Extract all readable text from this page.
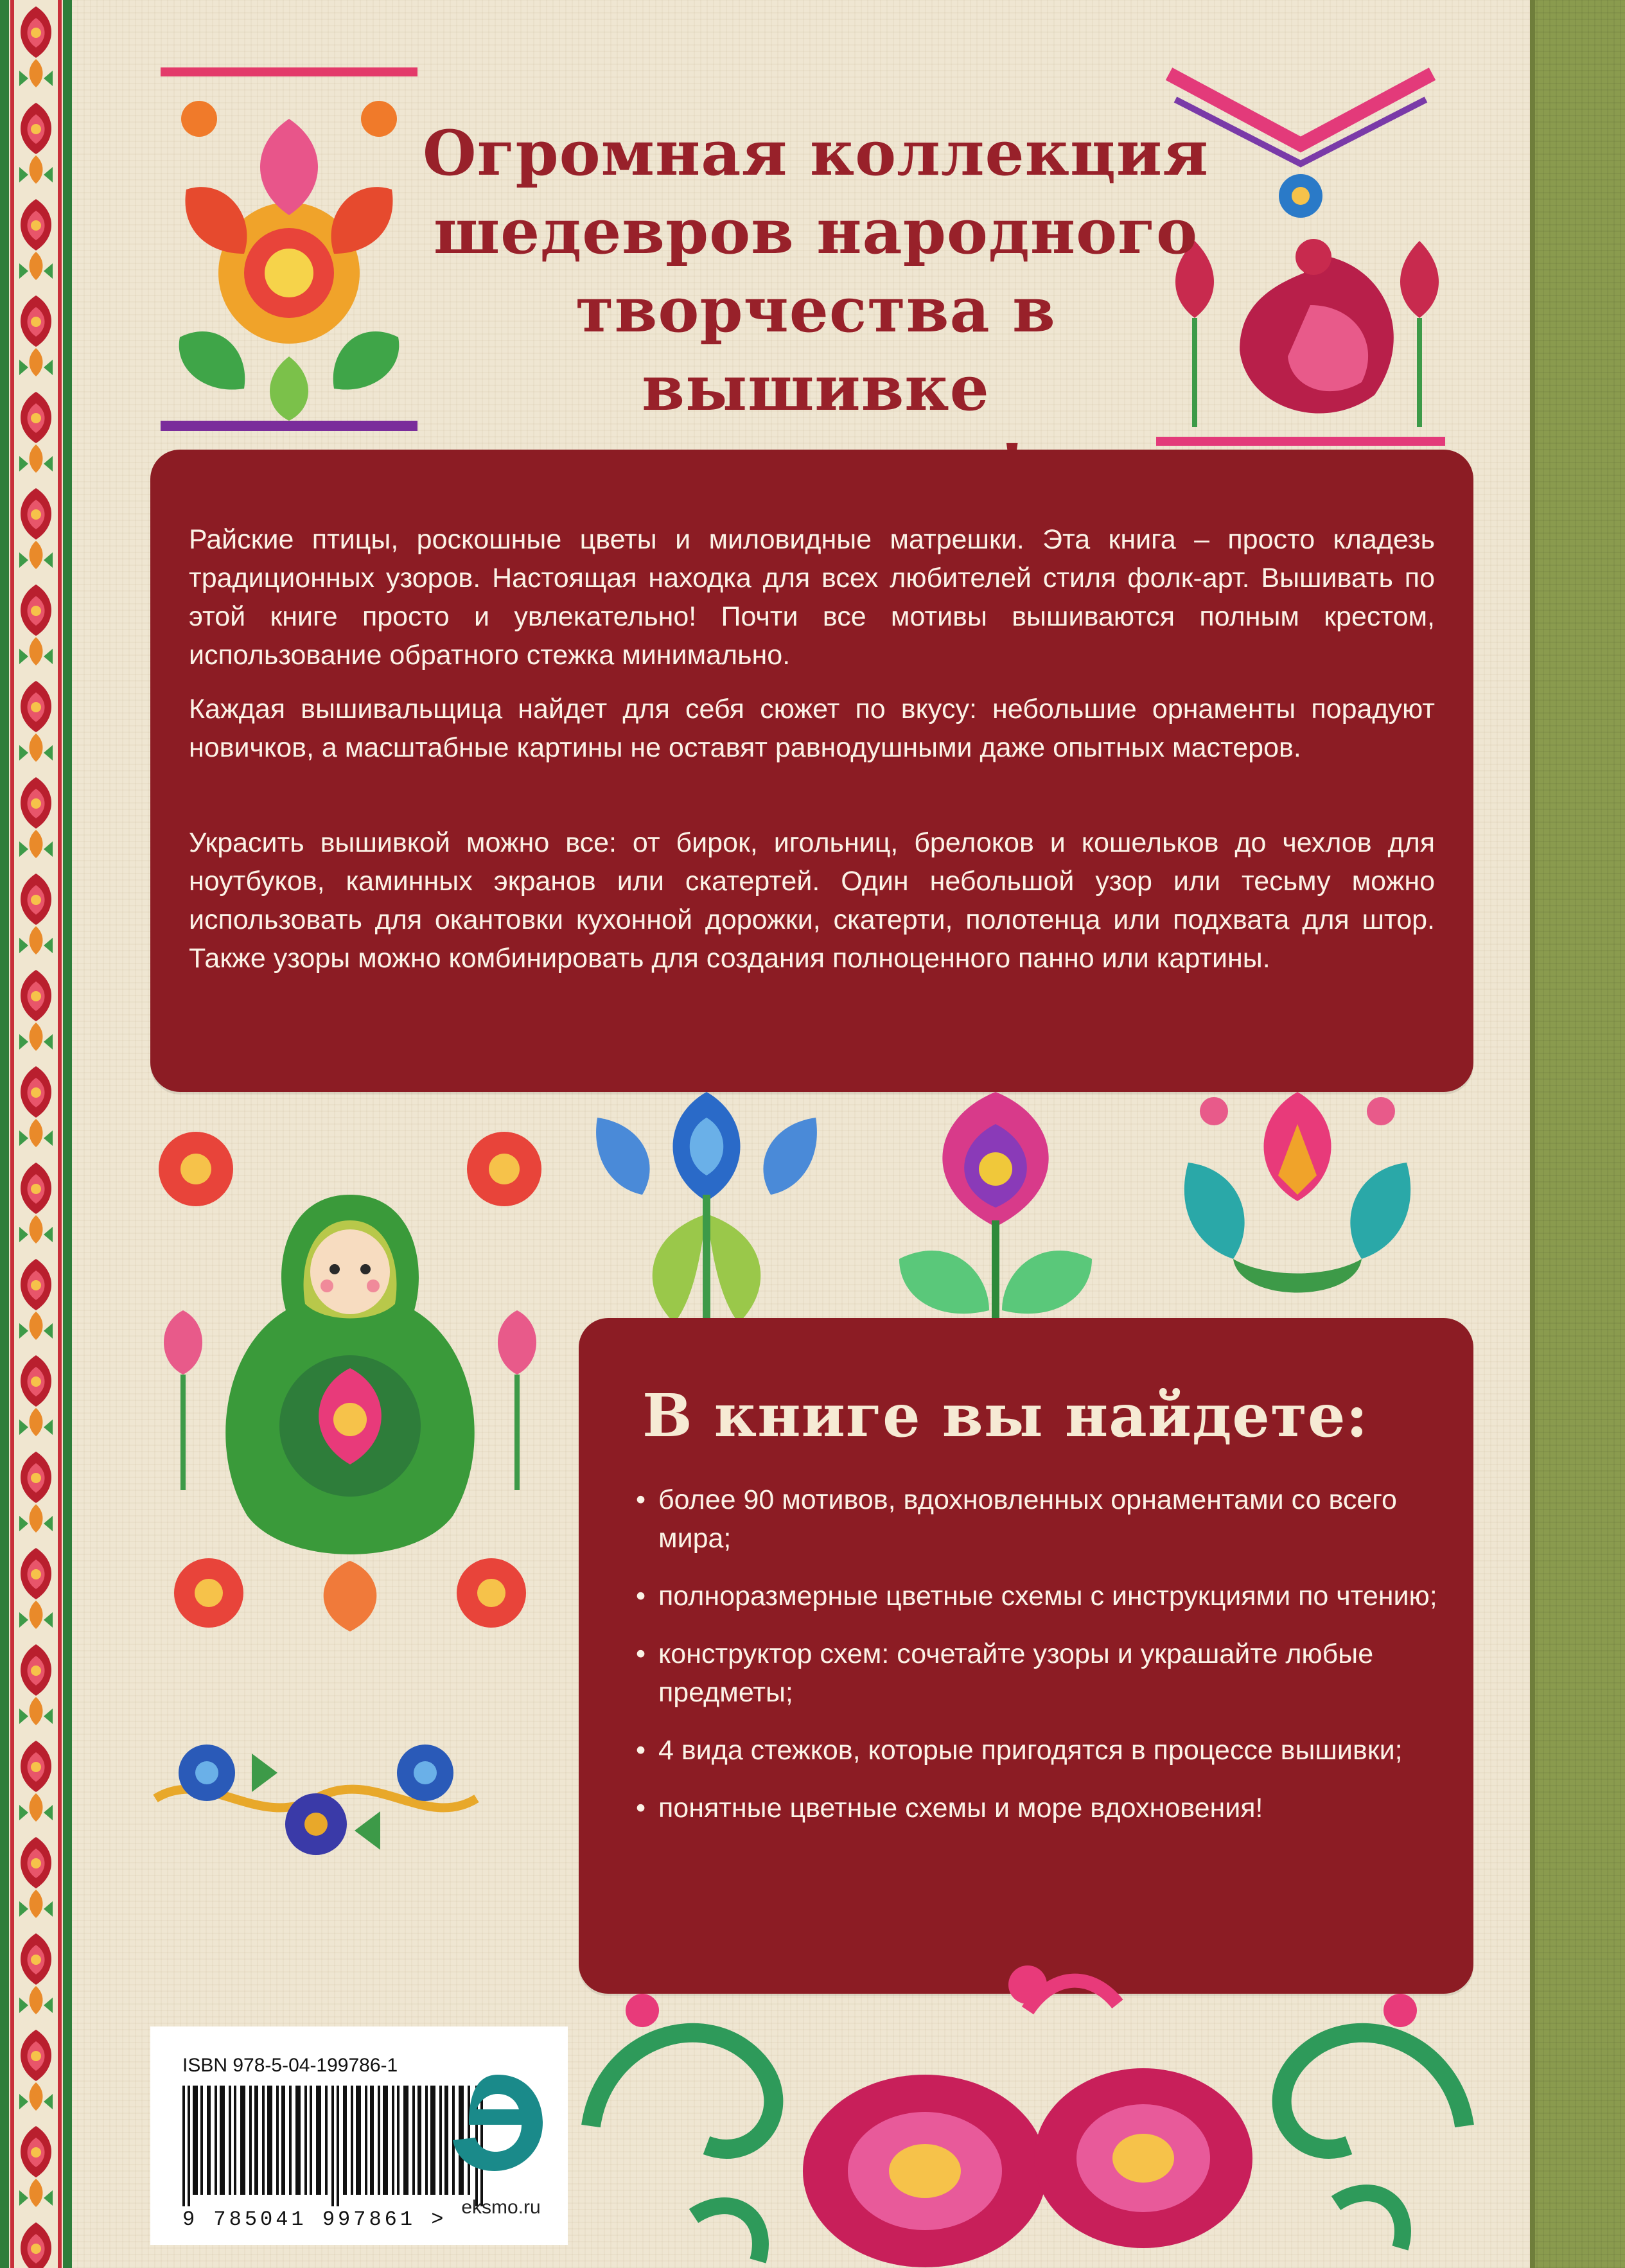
Огромная коллекция
шедевров народного
творчества в вышивке

Райские птицы, роскошные цветы и миловидные матрешки. Эта книга – просто кладезь традиционных узоров. Настоящая находка для всех любителей стиля фолк-арт. Вышивать по этой книге просто и увлекательно! Почти все мотивы вышиваются полным крестом, использование обратного стежка минимально.

Каждая вышивальщица найдет для себя сюжет по вкусу: небольшие орнаменты порадуют новичков, а масштабные картины не оставят равнодушными даже опытных мастеров.

Украсить вышивкой можно все: от бирок, игольниц, брелоков и кошельков до чехлов для ноутбуков, каминных экранов или скатертей. Один небольшой узор или тесьму можно использовать для окантовки кухонной дорожки, скатерти, полотенца или подхвата для штор. Также узоры можно комбинировать для создания полноценного панно или картины.

В книге вы найдете:
• более 90 мотивов, вдохновленных орнаментами со всего мира;
• полноразмерные цветные схемы с инструкциями по чтению;
• конструктор схем: сочетайте узоры и украшайте любые предметы;
• 4 вида стежков, которые пригодятся в процессе вышивки;
• понятные цветные схемы и море вдохновения!
ISBN 978-5-04-199786-1
9 785041 997861 >
eksmo.ru
